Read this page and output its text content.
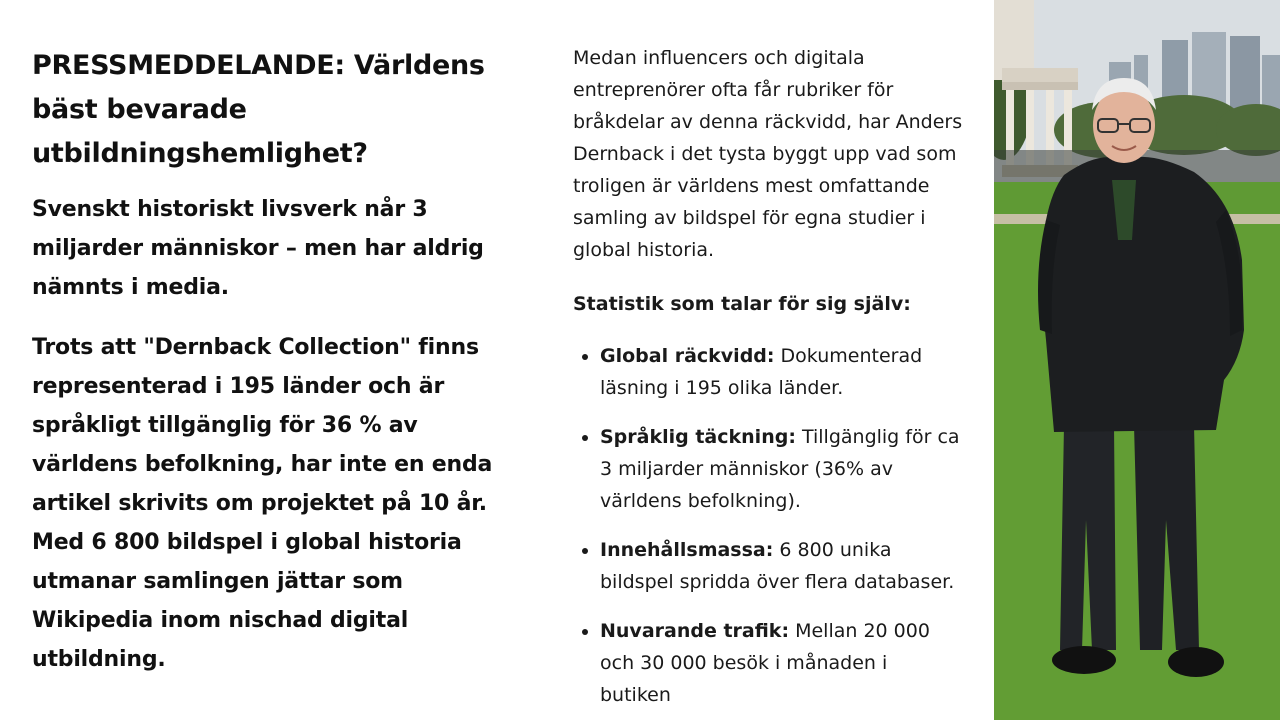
PRESSMEDDELANDE: Världens bäst bevarade utbildningshemlighet?

Svenskt historiskt livsverk når 3 miljarder människor – men har aldrig nämnts i media.

Trots att "Dernback Collection" finns representerad i 195 länder och är språkligt tillgänglig för 36 % av världens befolkning, har inte en enda artikel skrivits om projektet på 10 år. Med 6 800 bildspel i global historia utmanar samlingen jättar som Wikipedia inom nischad digital utbildning.

Medan influencers och digitala entreprenörer ofta får rubriker för bråkdelar av denna räckvidd, har Anders Dernback i det tysta byggt upp vad som troligen är världens mest omfattande samling av bildspel för egna studier i global historia.

Statistik som talar för sig själv:

• Global räckvidd: Dokumenterad läsning i 195 olika länder.
• Språklig täckning: Tillgänglig för ca 3 miljarder människor (36% av världens befolkning).
• Innehållsmassa: 6 800 unika bildspel spridda över flera databaser.
• Nuvarande trafik: Mellan 20 000 och 30 000 besök i månaden i butiken
